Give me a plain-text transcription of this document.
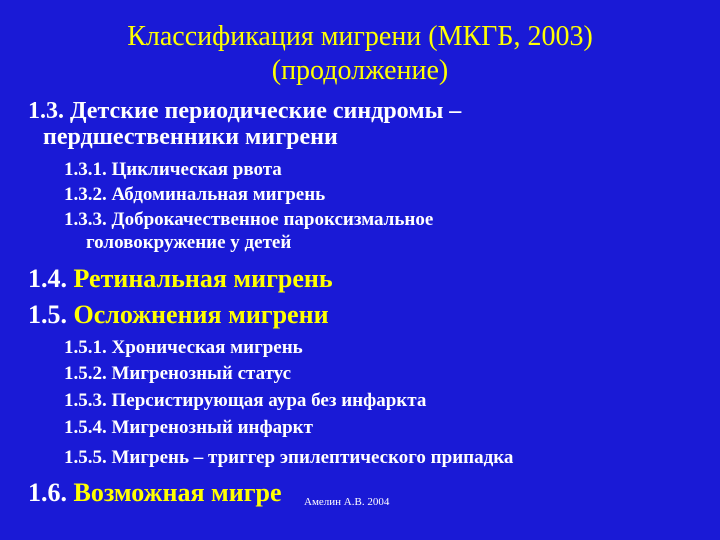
Классификация мигрени (МКГБ, 2003)
(продолжение)
1.3. Детские периодические синдромы –
пердшественники мигрени
1.3.1. Циклическая рвота
1.3.2. Абдоминальная мигрень
1.3.3. Доброкачественное пароксизмальное
головокружение у детей
1.4. Ретинальная мигрень
1.5. Осложнения мигрени
1.5.1. Хроническая мигрень
1.5.2. Мигренозный статус
1.5.3. Персистирующая аура без инфаркта
1.5.4. Мигренозный инфаркт
1.5.5. Мигрень – триггер эпилептического припадка
1.6. Возможная мигре Амелин А.В. 2004
